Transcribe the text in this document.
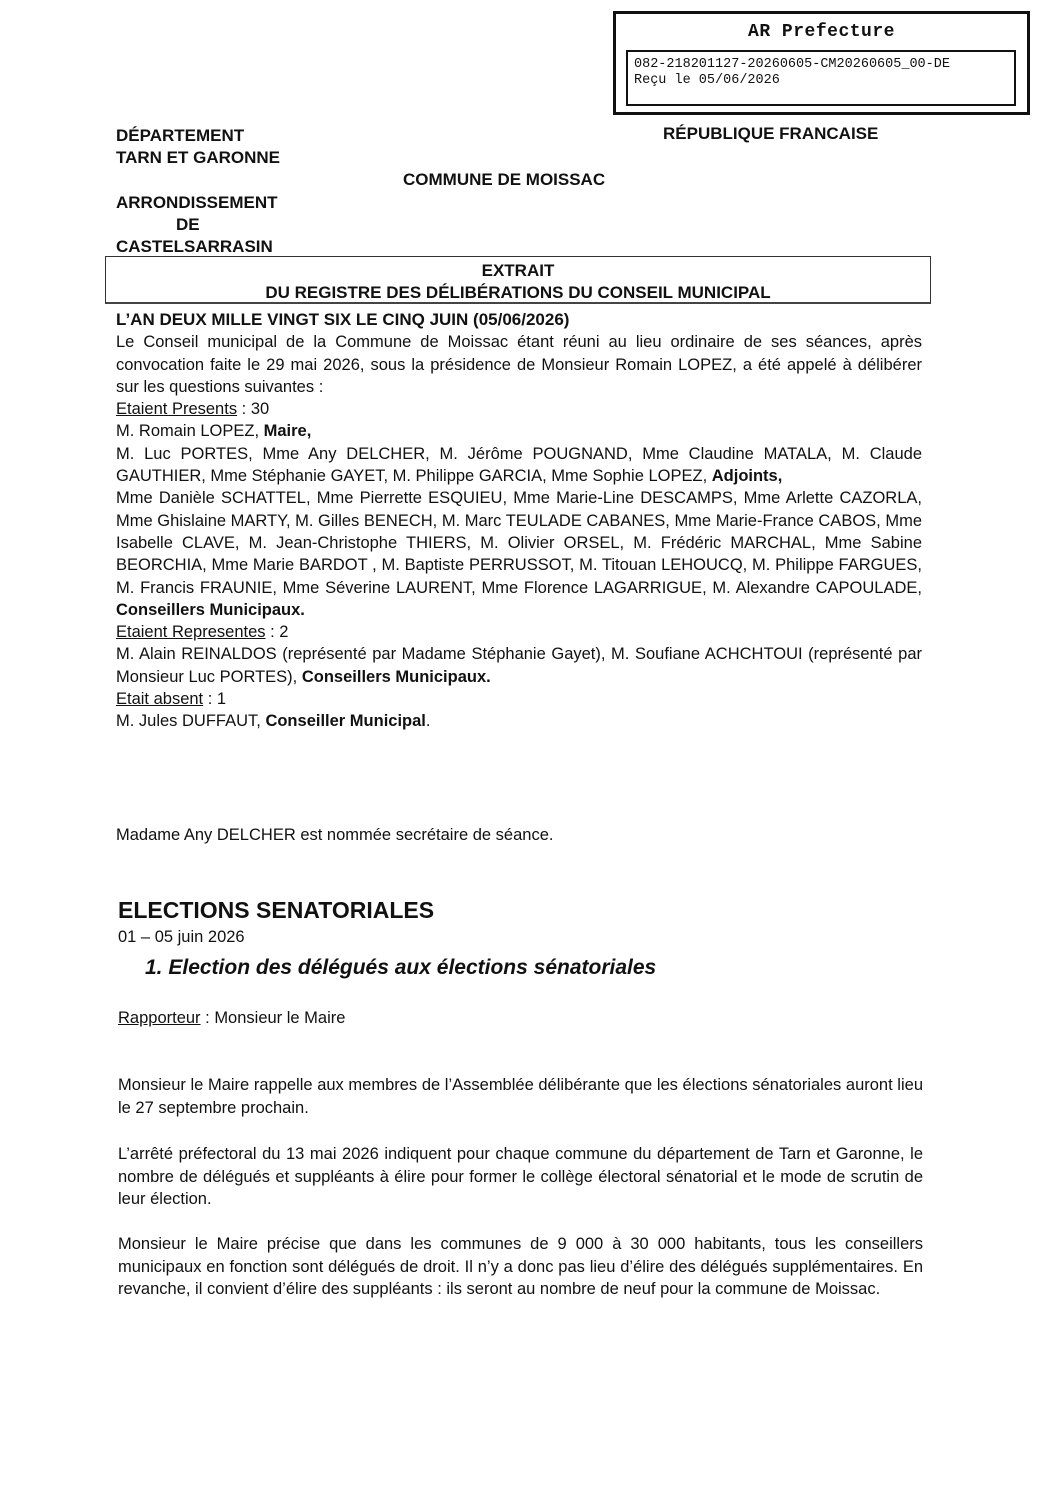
AR Prefecture
082-218201127-20260605-CM20260605_00-DE
Reçu le 05/06/2026
DÉPARTEMENT
TARN ET GARONNE
RÉPUBLIQUE FRANCAISE
COMMUNE DE MOISSAC
ARRONDISSEMENT
DE
CASTELSARRASIN
EXTRAIT
DU REGISTRE DES DÉLIBÉRATIONS DU CONSEIL MUNICIPAL

L’AN DEUX MILLE VINGT SIX LE CINQ JUIN (05/06/2026)

Le Conseil municipal de la Commune de Moissac étant réuni au lieu ordinaire de ses séances, après convocation faite le 29 mai 2026, sous la présidence de Monsieur Romain LOPEZ, a été appelé à délibérer sur les questions suivantes :

Etaient Presents : 30

M. Romain LOPEZ, Maire,

M. Luc PORTES, Mme Any DELCHER, M. Jérôme POUGNAND, Mme Claudine MATALA, M. Claude GAUTHIER, Mme Stéphanie GAYET, M. Philippe GARCIA, Mme Sophie LOPEZ, Adjoints,

Mme Danièle SCHATTEL, Mme Pierrette ESQUIEU, Mme Marie-Line DESCAMPS, Mme Arlette CAZORLA, Mme Ghislaine MARTY, M. Gilles BENECH, M. Marc TEULADE CABANES, Mme Marie-France CABOS, Mme Isabelle CLAVE, M. Jean-Christophe THIERS, M. Olivier ORSEL, M. Frédéric MARCHAL, Mme Sabine BEORCHIA, Mme Marie BARDOT , M. Baptiste PERRUSSOT, M. Titouan LEHOUCQ, M. Philippe FARGUES, M. Francis FRAUNIE, Mme Séverine LAURENT, Mme Florence LAGARRIGUE, M. Alexandre CAPOULADE, Conseillers Municipaux.

Etaient Representes : 2

M. Alain REINALDOS (représenté par Madame Stéphanie Gayet), M. Soufiane ACHCHTOUI (représenté par Monsieur Luc PORTES), Conseillers Municipaux.

Etait absent : 1

M. Jules DUFFAUT, Conseiller Municipal.

Madame Any DELCHER est nommée secrétaire de séance.
ELECTIONS SENATORIALES
01 – 05 juin 2026
1. Election des délégués aux élections sénatoriales
Rapporteur : Monsieur le Maire

Monsieur le Maire rappelle aux membres de l’Assemblée délibérante que les élections sénatoriales auront lieu le 27 septembre prochain.

L’arrêté préfectoral du 13 mai 2026 indiquent pour chaque commune du département de Tarn et Garonne, le nombre de délégués et suppléants à élire pour former le collège électoral sénatorial et le mode de scrutin de leur élection.

Monsieur le Maire précise que dans les communes de 9 000 à 30 000 habitants, tous les conseillers municipaux en fonction sont délégués de droit. Il n’y a donc pas lieu d’élire des délégués supplémentaires. En revanche, il convient d’élire des suppléants : ils seront au nombre de neuf pour la commune de Moissac.
